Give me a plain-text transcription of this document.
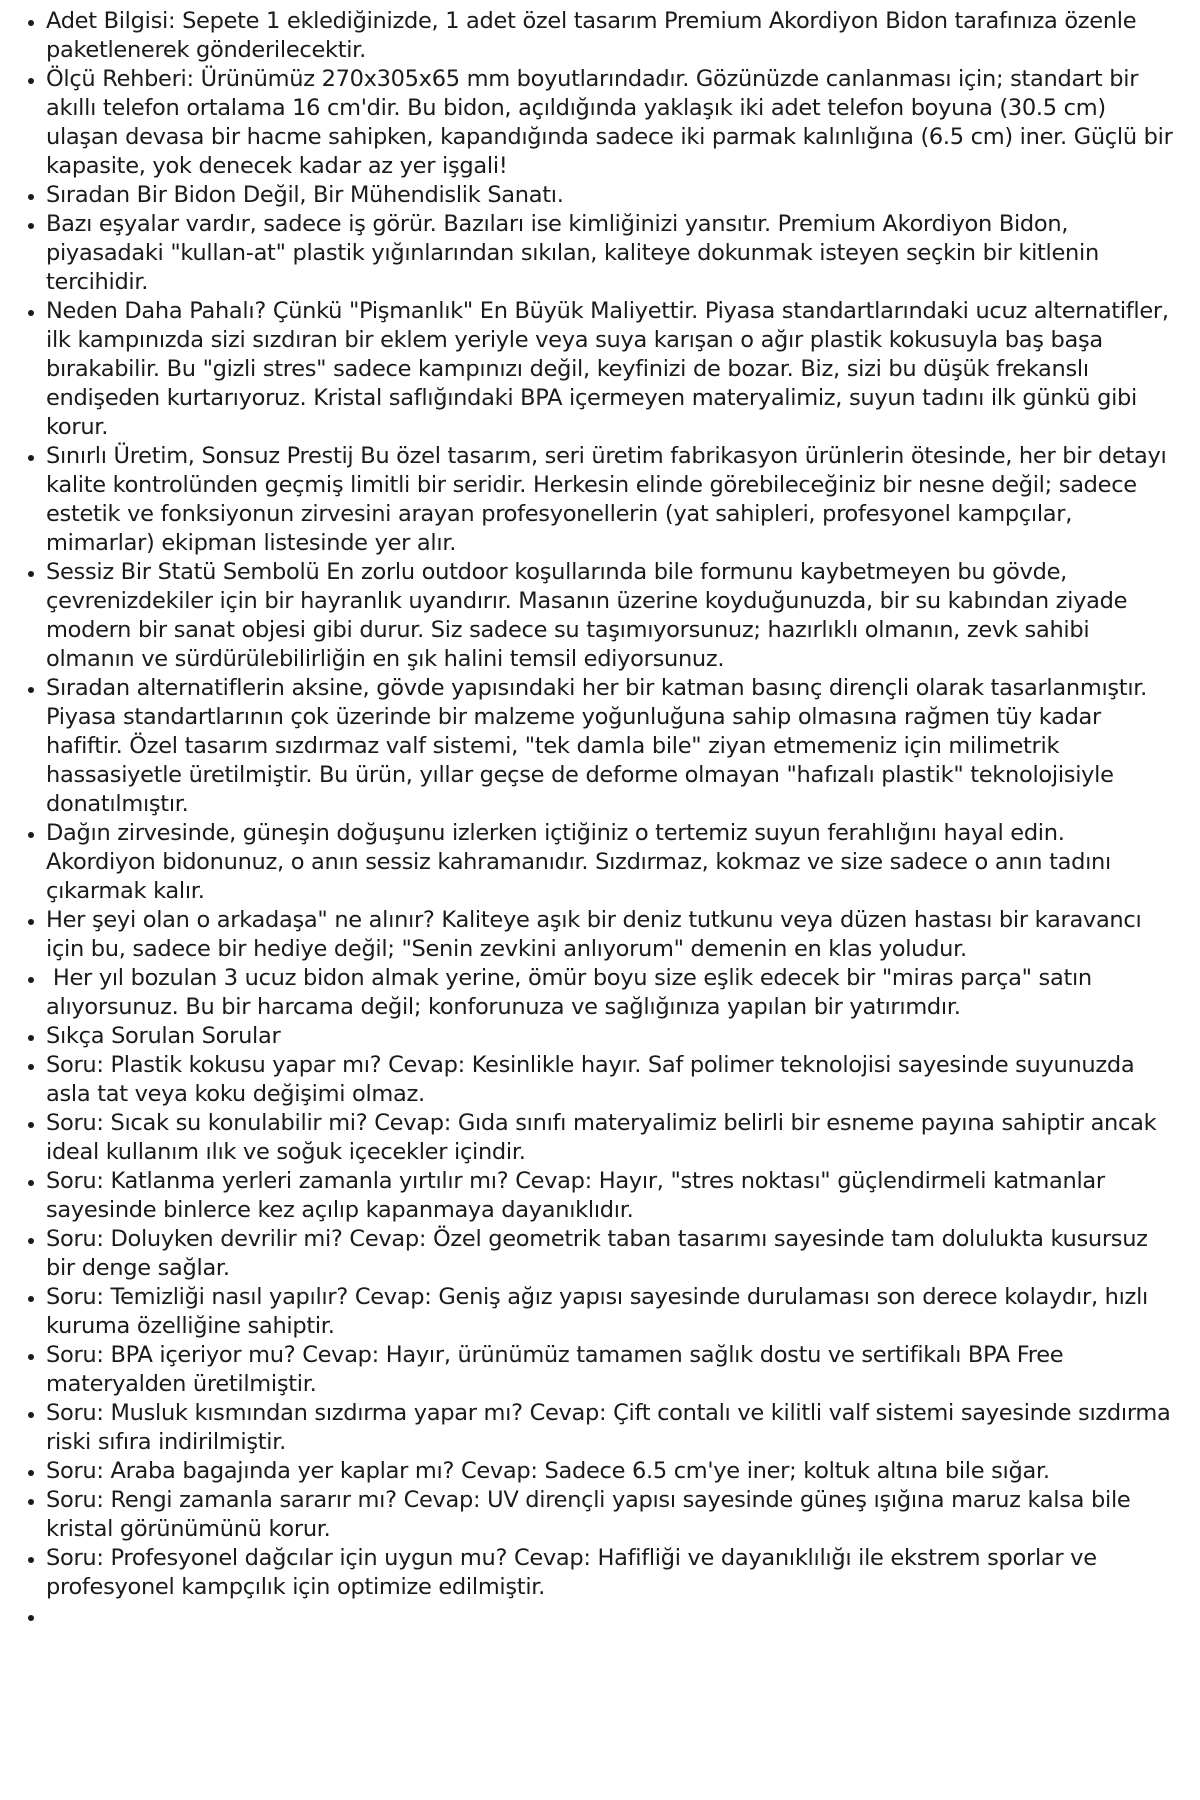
• Adet Bilgisi: Sepete 1 eklediğinizde, 1 adet özel tasarım Premium Akordiyon Bidon tarafınıza özenle paketlenerek gönderilecektir.
• Ölçü Rehberi: Ürünümüz 270x305x65 mm boyutlarındadır. Gözünüzde canlanması için; standart bir akıllı telefon ortalama 16 cm'dir. Bu bidon, açıldığında yaklaşık iki adet telefon boyuna (30.5 cm) ulaşan devasa bir hacme sahipken, kapandığında sadece iki parmak kalınlığına (6.5 cm) iner. Güçlü bir kapasite, yok denecek kadar az yer işgali!
• Sıradan Bir Bidon Değil, Bir Mühendislik Sanatı.
• Bazı eşyalar vardır, sadece iş görür. Bazıları ise kimliğinizi yansıtır. Premium Akordiyon Bidon, piyasadaki "kullan-at" plastik yığınlarından sıkılan, kaliteye dokunmak isteyen seçkin bir kitlenin tercihidir.
• Neden Daha Pahalı? Çünkü "Pişmanlık" En Büyük Maliyettir. Piyasa standartlarındaki ucuz alternatifler, ilk kampınızda sizi sızdıran bir eklem yeriyle veya suya karışan o ağır plastik kokusuyla baş başa bırakabilir. Bu "gizli stres" sadece kampınızı değil, keyfinizi de bozar. Biz, sizi bu düşük frekanslı endişeden kurtarıyoruz. Kristal saflığındaki BPA içermeyen materyalimiz, suyun tadını ilk günkü gibi korur.
• Sınırlı Üretim, Sonsuz Prestij Bu özel tasarım, seri üretim fabrikasyon ürünlerin ötesinde, her bir detayı kalite kontrolünden geçmiş limitli bir seridir. Herkesin elinde görebileceğiniz bir nesne değil; sadece estetik ve fonksiyonun zirvesini arayan profesyonellerin (yat sahipleri, profesyonel kampçılar, mimarlar) ekipman listesinde yer alır.
• Sessiz Bir Statü Sembolü En zorlu outdoor koşullarında bile formunu kaybetmeyen bu gövde, çevrenizdekiler için bir hayranlık uyandırır. Masanın üzerine koyduğunuzda, bir su kabından ziyade modern bir sanat objesi gibi durur. Siz sadece su taşımıyorsunuz; hazırlıklı olmanın, zevk sahibi olmanın ve sürdürülebilirliğin en şık halini temsil ediyorsunuz.
• Sıradan alternatiflerin aksine, gövde yapısındaki her bir katman basınç dirençli olarak tasarlanmıştır. Piyasa standartlarının çok üzerinde bir malzeme yoğunluğuna sahip olmasına rağmen tüy kadar hafiftir. Özel tasarım sızdırmaz valf sistemi, "tek damla bile" ziyan etmemeniz için milimetrik hassasiyetle üretilmiştir. Bu ürün, yıllar geçse de deforme olmayan "hafızalı plastik" teknolojisiyle donatılmıştır.
• Dağın zirvesinde, güneşin doğuşunu izlerken içtiğiniz o tertemiz suyun ferahlığını hayal edin. Akordiyon bidonunuz, o anın sessiz kahramanıdır. Sızdırmaz, kokmaz ve size sadece o anın tadını çıkarmak kalır.
• Her şeyi olan o arkadaşa" ne alınır? Kaliteye aşık bir deniz tutkunu veya düzen hastası bir karavancı için bu, sadece bir hediye değil; "Senin zevkini anlıyorum" demenin en klas yoludur.
•  Her yıl bozulan 3 ucuz bidon almak yerine, ömür boyu size eşlik edecek bir "miras parça" satın alıyorsunuz. Bu bir harcama değil; konforunuza ve sağlığınıza yapılan bir yatırımdır.
• Sıkça Sorulan Sorular
• Soru: Plastik kokusu yapar mı? Cevap: Kesinlikle hayır. Saf polimer teknolojisi sayesinde suyunuzda asla tat veya koku değişimi olmaz.
• Soru: Sıcak su konulabilir mi? Cevap: Gıda sınıfı materyalimiz belirli bir esneme payına sahiptir ancak ideal kullanım ılık ve soğuk içecekler içindir.
• Soru: Katlanma yerleri zamanla yırtılır mı? Cevap: Hayır, "stres noktası" güçlendirmeli katmanlar sayesinde binlerce kez açılıp kapanmaya dayanıklıdır.
• Soru: Doluyken devrilir mi? Cevap: Özel geometrik taban tasarımı sayesinde tam dolulukta kusursuz bir denge sağlar.
• Soru: Temizliği nasıl yapılır? Cevap: Geniş ağız yapısı sayesinde durulaması son derece kolaydır, hızlı kuruma özelliğine sahiptir.
• Soru: BPA içeriyor mu? Cevap: Hayır, ürünümüz tamamen sağlık dostu ve sertifikalı BPA Free materyalden üretilmiştir.
• Soru: Musluk kısmından sızdırma yapar mı? Cevap: Çift contalı ve kilitli valf sistemi sayesinde sızdırma riski sıfıra indirilmiştir.
• Soru: Araba bagajında yer kaplar mı? Cevap: Sadece 6.5 cm'ye iner; koltuk altına bile sığar.
• Soru: Rengi zamanla sararır mı? Cevap: UV dirençli yapısı sayesinde güneş ışığına maruz kalsa bile kristal görünümünü korur.
• Soru: Profesyonel dağcılar için uygun mu? Cevap: Hafifliği ve dayanıklılığı ile ekstrem sporlar ve profesyonel kampçılık için optimize edilmiştir.
•
